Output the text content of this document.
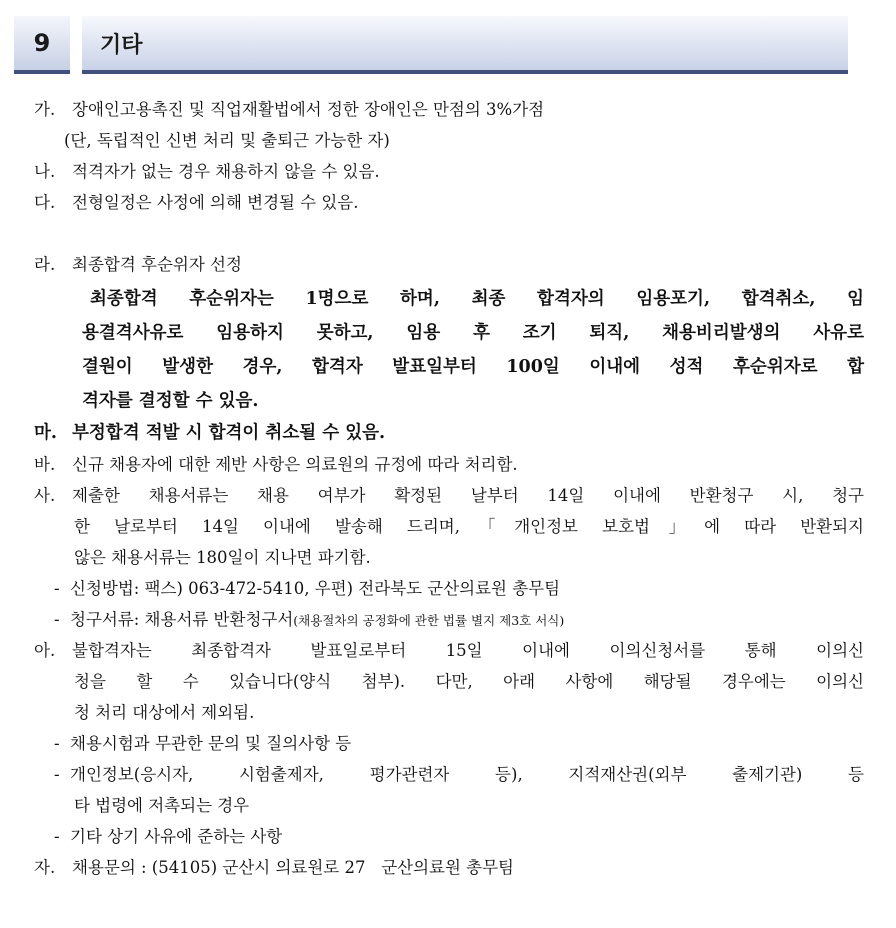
9	기타
가. 장애인고용촉진 및 직업재활법에서 정한 장애인은 만점의 3%가점
(단, 독립적인 신변 처리 및 출퇴근 가능한 자)
나. 적격자가 없는 경우 채용하지 않을 수 있음.
다. 전형일정은 사정에 의해 변경될 수 있음.
라. 최종합격 후순위자 선정
최종합격 후순위자는 1명으로 하며, 최종 합격자의 임용포기, 합격취소, 임
용결격사유로 임용하지 못하고, 임용 후 조기 퇴직, 채용비리발생의 사유로
결원이 발생한 경우, 합격자 발표일부터 100일 이내에 성적 후순위자로 합
격자를 결정할 수 있음.
마. 부정합격 적발 시 합격이 취소될 수 있음.
바. 신규 채용자에 대한 제반 사항은 의료원의 규정에 따라 처리함.
사. 제출한 채용서류는 채용 여부가 확정된 날부터 14일 이내에 반환청구 시, 청구
한 날로부터 14일 이내에 발송해 드리며,「개인정보 보호법」에 따라 반환되지
않은 채용서류는 180일이 지나면 파기함.
- 신청방법: 팩스) 063-472-5410, 우편) 전라북도 군산의료원 총무팀
- 청구서류: 채용서류 반환청구서(채용절차의 공정화에 관한 법률 별지 제3호 서식)
아. 불합격자는 최종합격자 발표일로부터 15일 이내에 이의신청서를 통해 이의신
청을 할 수 있습니다(양식 첨부). 다만, 아래 사항에 해당될 경우에는 이의신
청 처리 대상에서 제외됨.
- 채용시험과 무관한 문의 및 질의사항 등
- 개인정보(응시자, 시험출제자, 평가관련자 등), 지적재산권(외부 출제기관) 등
타 법령에 저촉되는 경우
- 기타 상기 사유에 준하는 사항
자. 채용문의 : (54105) 군산시 의료원로 27   군산의료원 총무팀
